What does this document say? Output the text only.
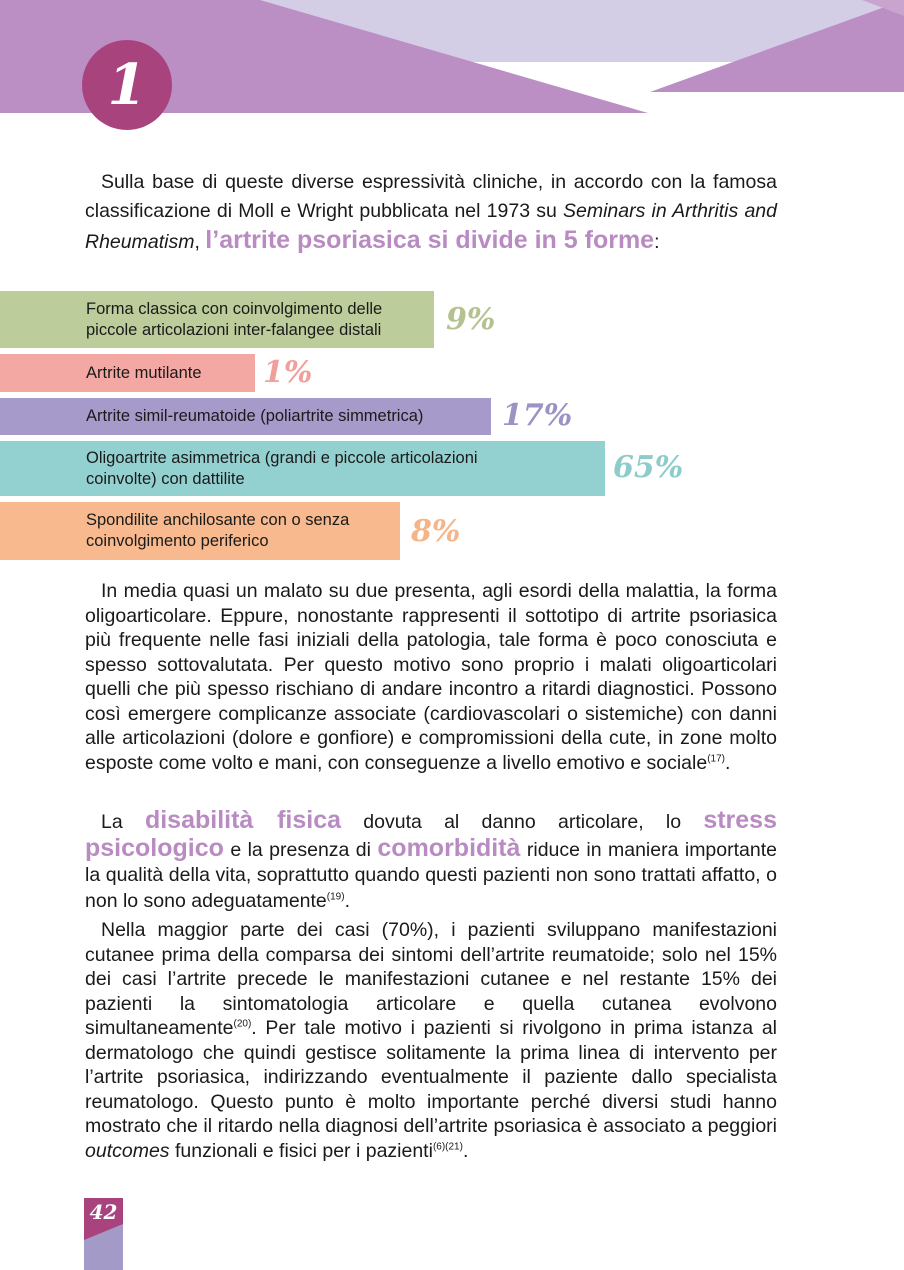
1

Sulla base di queste diverse espressività cliniche, in accordo con la famosa classificazione di Moll e Wright pubblicata nel 1973 su Seminars in Arthritis and Rheumatism, l’artrite psoriasica si divide in 5 forme:

Forma classica con coinvolgimento delle piccole articolazioni inter-falangee distali	9%
Artrite mutilante 1%
Artrite simil-reumatoide (poliartrite simmetrica)	17%
Oligoartrite asimmetrica (grandi e piccole articolazioni coinvolte) con dattilite	65%
Spondilite anchilosante con o senza coinvolgimento periferico	8%

In media quasi un malato su due presenta, agli esordi della malattia, la forma oligoarticolare. Eppure, nonostante rappresenti il sottotipo di artrite psoriasica più frequente nelle fasi iniziali della patologia, tale forma è poco conosciuta e spesso sottovalutata. Per questo motivo sono proprio i malati oligoarticolari quelli che più spesso rischiano di andare incontro a ritardi diagnostici. Possono così emergere complicanze associate (cardiovascolari o sistemiche) con danni alle articolazioni (dolore e gonfiore) e compromissioni della cute, in zone molto esposte come volto e mani, con conseguenze a livello emotivo e sociale$^{(17)}$.

La disabilità fisica dovuta al danno articolare, lo stress psicologico e la presenza di comorbidità riduce in maniera importante la qualità della vita, soprattutto quando questi pazienti non sono trattati affatto, o non lo sono adeguatamente$^{(19)}$.

Nella maggior parte dei casi (70%), i pazienti sviluppano manifestazioni cutanee prima della comparsa dei sintomi dell’artrite reumatoide; solo nel 15% dei casi l’artrite precede le manifestazioni cutanee e nel restante 15% dei pazienti la sintomatologia articolare e quella cutanea evolvono simultaneamente$^{(20)}$. Per tale motivo i pazienti si rivolgono in prima istanza al dermatologo che quindi gestisce solitamente la prima linea di intervento per l’artrite psoriasica, indirizzando eventualmente il paziente dallo specialista reumatologo. Questo punto è molto importante perché diversi studi hanno mostrato che il ritardo nella diagnosi dell’artrite psoriasica è associato a peggiori outcomes funzionali e fisici per i pazienti$^{(6)(21)}$.

42
